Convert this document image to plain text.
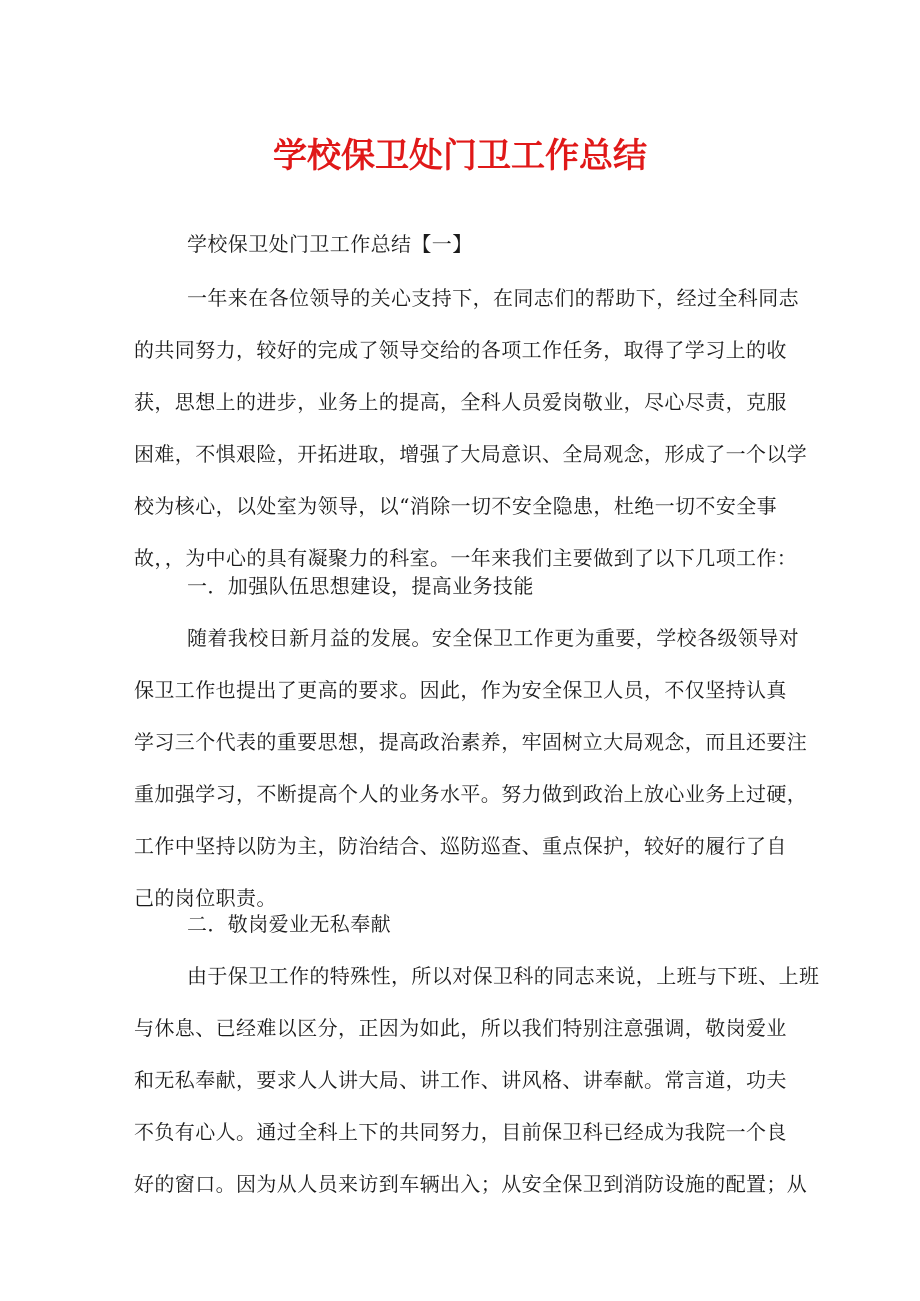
学校保卫处门卫工作总结
学校保卫处门卫工作总结【一】
一年来在各位领导的关心支持下，在同志们的帮助下，经过全科同志
的共同努力，较好的完成了领导交给的各项工作任务，取得了学习上的收
获，思想上的进步，业务上的提高，全科人员爱岗敬业，尽心尽责，克服
困难，不惧艰险，开拓进取，增强了大局意识、全局观念，形成了一个以学
校为核心，以处室为领导，以“消除一切不安全隐患，杜绝一切不安全事
故，，为中心的具有凝聚力的科室。一年来我们主要做到了以下几项工作：
一．加强队伍思想建设，提高业务技能
随着我校日新月益的发展。安全保卫工作更为重要，学校各级领导对
保卫工作也提出了更高的要求。因此，作为安全保卫人员，不仅坚持认真
学习三个代表的重要思想，提高政治素养，牢固树立大局观念，而且还要注
重加强学习，不断提高个人的业务水平。努力做到政治上放心业务上过硬，
工作中坚持以防为主，防治结合、巡防巡查、重点保护，较好的履行了自
己的岗位职责。
二．敬岗爱业无私奉献
由于保卫工作的特殊性，所以对保卫科的同志来说，上班与下班、上班
与休息、已经难以区分，正因为如此，所以我们特别注意强调，敬岗爱业
和无私奉献，要求人人讲大局、讲工作、讲风格、讲奉献。常言道，功夫
不负有心人。通过全科上下的共同努力，目前保卫科已经成为我院一个良
好的窗口。因为从人员来访到车辆出入；从安全保卫到消防设施的配置；从
